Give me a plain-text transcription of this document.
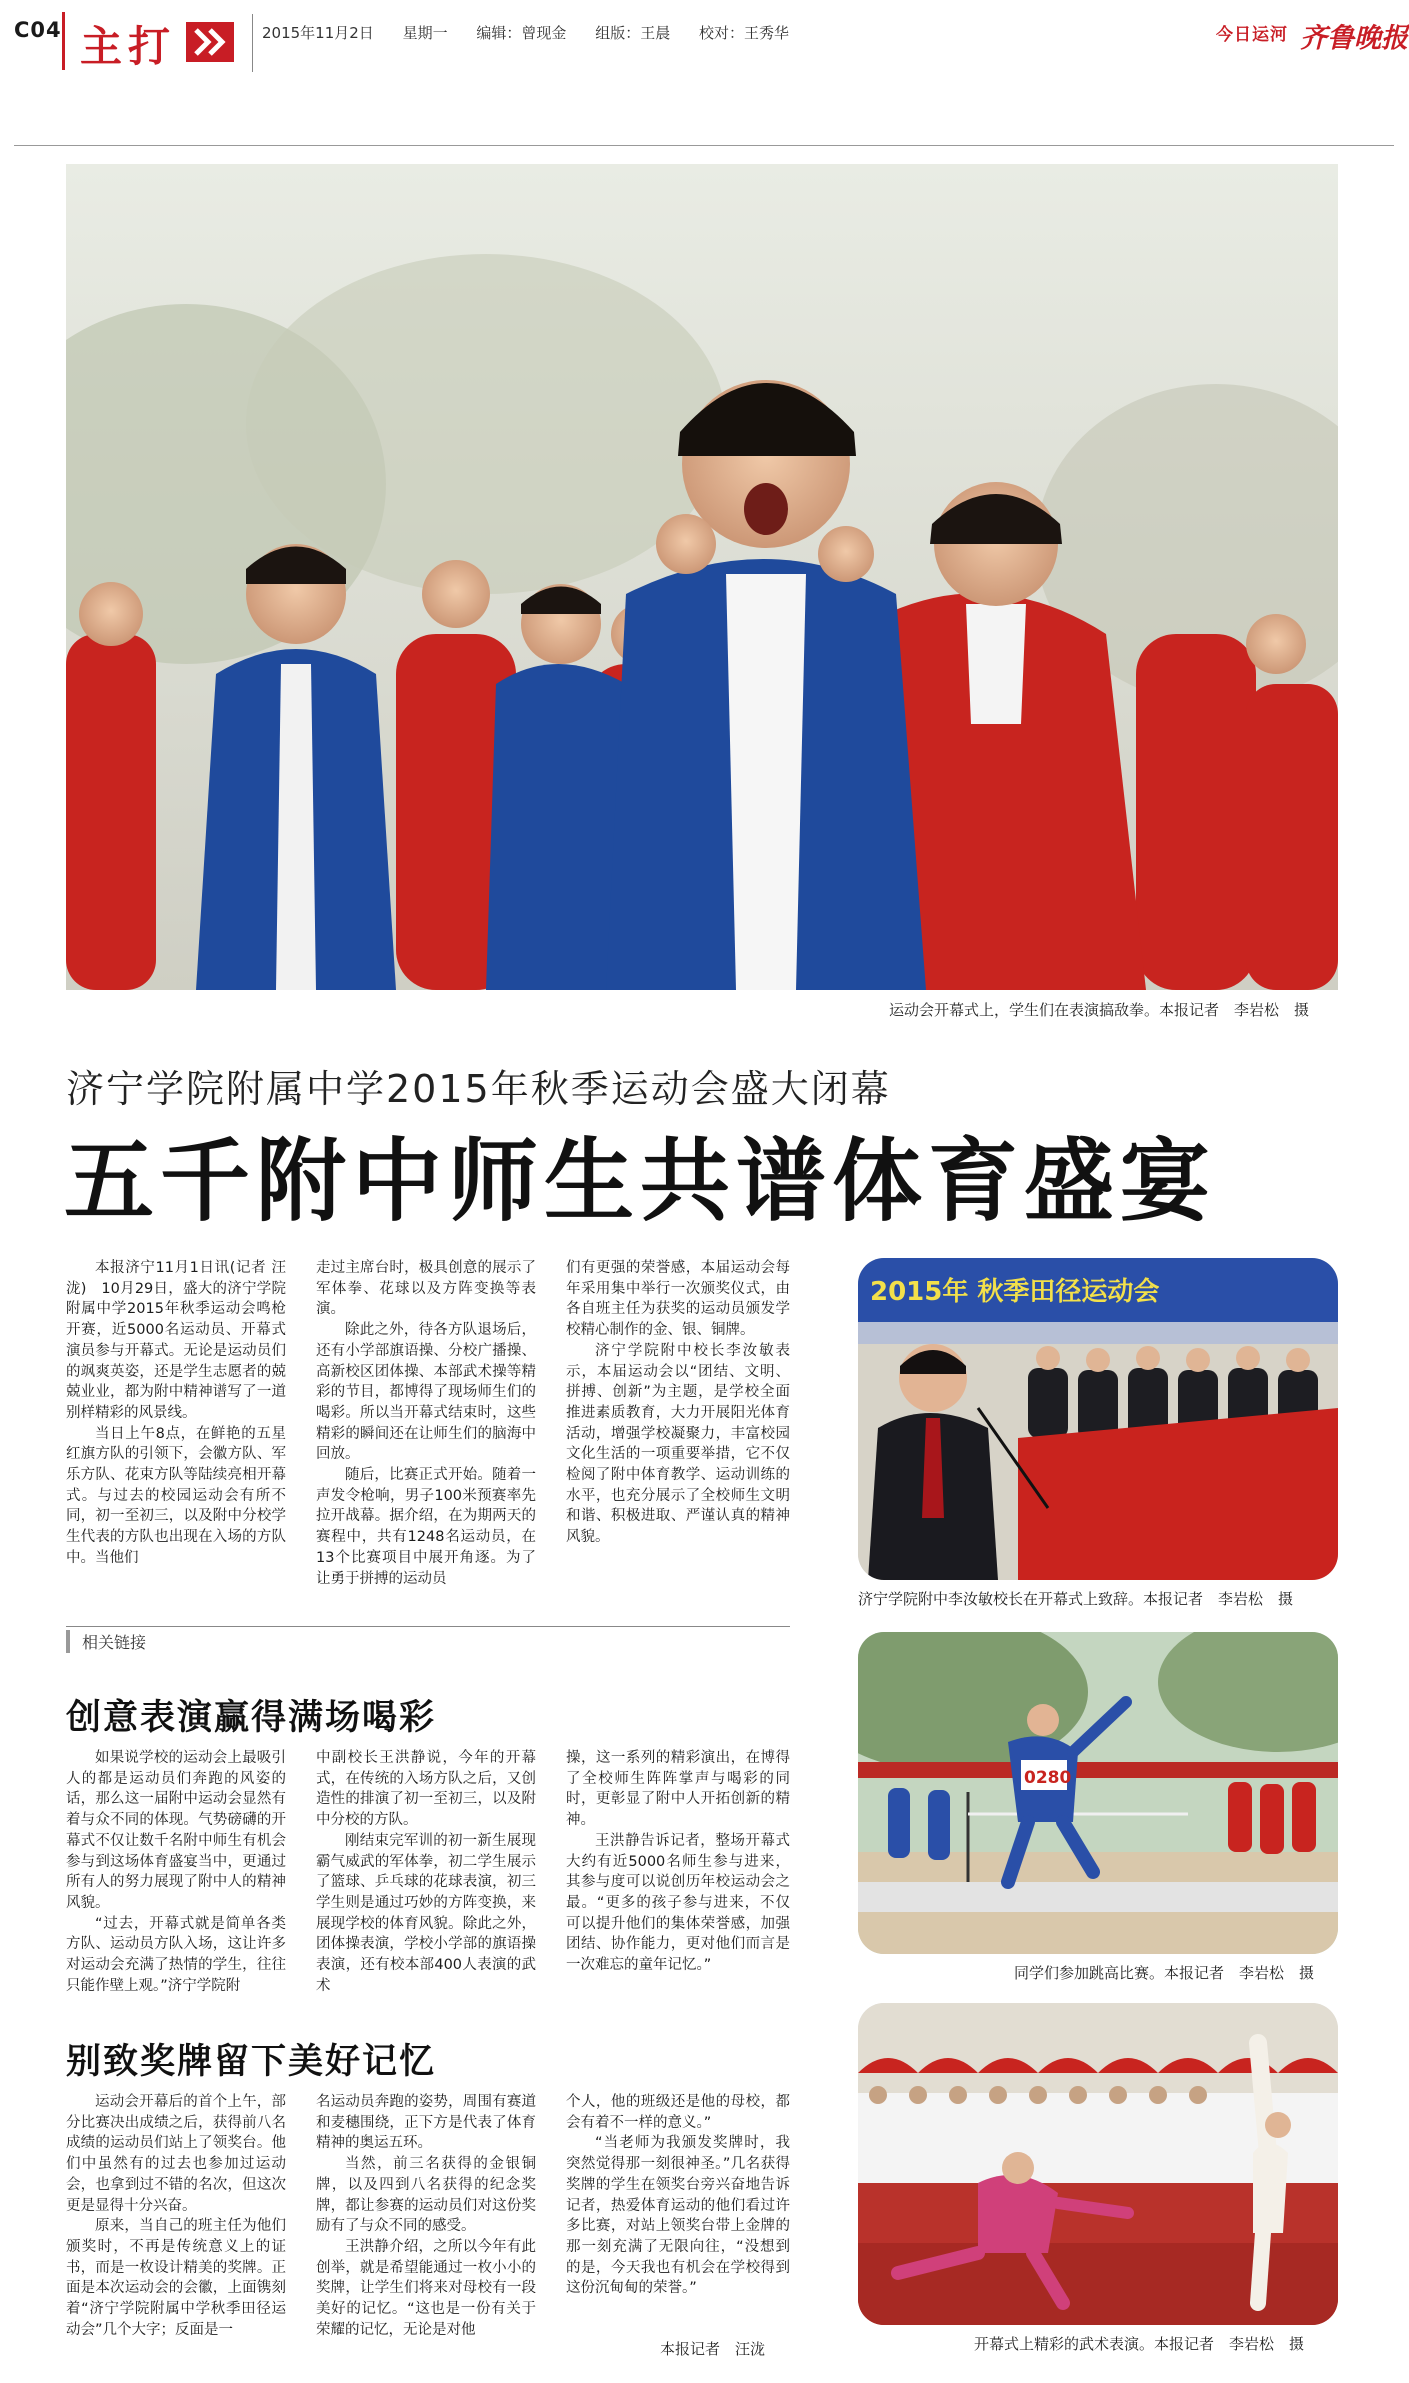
C04 主打	2015年11月2日 星期一 编辑：曾现金 组版：王晨 校对：王秀华	今日运河 齐鲁晚报
运动会开幕式上，学生们在表演搞敌拳。本报记者　李岩松　摄
济宁学院附属中学2015年秋季运动会盛大闭幕
五千附中师生共谱体育盛宴

本报济宁11月1日讯(记者 汪泷)　10月29日，盛大的济宁学院附属中学2015年秋季运动会鸣枪开赛，近5000名运动员、开幕式演员参与开幕式。无论是运动员们的飒爽英姿，还是学生志愿者的兢兢业业，都为附中精神谱写了一道别样精彩的风景线。

当日上午8点，在鲜艳的五星红旗方队的引领下，会徽方队、军乐方队、花束方队等陆续亮相开幕式。与过去的校园运动会有所不同，初一至初三，以及附中分校学生代表的方队也出现在入场的方队中。当他们

走过主席台时，极具创意的展示了军体拳、花球以及方阵变换等表演。

除此之外，待各方队退场后，还有小学部旗语操、分校广播操、高新校区团体操、本部武术操等精彩的节目，都博得了现场师生们的喝彩。所以当开幕式结束时，这些精彩的瞬间还在让师生们的脑海中回放。

随后，比赛正式开始。随着一声发令枪响，男子100米预赛率先拉开战幕。据介绍，在为期两天的赛程中，共有1248名运动员，在13个比赛项目中展开角逐。为了让勇于拼搏的运动员

们有更强的荣誉感，本届运动会每年采用集中举行一次颁奖仪式，由各自班主任为获奖的运动员颁发学校精心制作的金、银、铜牌。

济宁学院附中校长李汝敏表示，本届运动会以“团结、文明、拼搏、创新”为主题，是学校全面推进素质教育，大力开展阳光体育活动，增强学校凝聚力，丰富校园文化生活的一项重要举措，它不仅检阅了附中体育教学、运动训练的水平，也充分展示了全校师生文明和谐、积极进取、严谨认真的精神风貌。

相关链接
创意表演赢得满场喝彩

如果说学校的运动会上最吸引人的都是运动员们奔跑的风姿的话，那么这一届附中运动会显然有着与众不同的体现。气势磅礴的开幕式不仅让数千名附中师生有机会参与到这场体育盛宴当中，更通过所有人的努力展现了附中人的精神风貌。

“过去，开幕式就是简单各类方队、运动员方队入场，这让许多对运动会充满了热情的学生，往往只能作壁上观。”济宁学院附

中副校长王洪静说，今年的开幕式，在传统的入场方队之后，又创造性的排演了初一至初三，以及附中分校的方队。

刚结束完军训的初一新生展现霸气威武的军体拳，初二学生展示了篮球、乒乓球的花球表演，初三学生则是通过巧妙的方阵变换，来展现学校的体育风貌。除此之外，团体操表演，学校小学部的旗语操表演，还有校本部400人表演的武术

操，这一系列的精彩演出，在博得了全校师生阵阵掌声与喝彩的同时，更彰显了附中人开拓创新的精神。

王洪静告诉记者，整场开幕式大约有近5000名师生参与进来，其参与度可以说创历年校运动会之最。“更多的孩子参与进来，不仅可以提升他们的集体荣誉感，加强团结、协作能力，更对他们而言是一次难忘的童年记忆。”

别致奖牌留下美好记忆

运动会开幕后的首个上午，部分比赛决出成绩之后，获得前八名成绩的运动员们站上了领奖台。他们中虽然有的过去也参加过运动会，也拿到过不错的名次，但这次更是显得十分兴奋。

原来，当自己的班主任为他们颁奖时，不再是传统意义上的证书，而是一枚设计精美的奖牌。正面是本次运动会的会徽，上面镌刻着“济宁学院附属中学秋季田径运动会”几个大字；反面是一

名运动员奔跑的姿势，周围有赛道和麦穗围绕，正下方是代表了体育精神的奥运五环。

当然，前三名获得的金银铜牌，以及四到八名获得的纪念奖牌，都让参赛的运动员们对这份奖励有了与众不同的感受。

王洪静介绍，之所以今年有此创举，就是希望能通过一枚小小的奖牌，让学生们将来对母校有一段美好的记忆。“这也是一份有关于荣耀的记忆，无论是对他

个人，他的班级还是他的母校，都会有着不一样的意义。”

“当老师为我颁发奖牌时，我突然觉得那一刻很神圣。”几名获得奖牌的学生在领奖台旁兴奋地告诉记者，热爱体育运动的他们看过许多比赛，对站上领奖台带上金牌的那一刻充满了无限向往，“没想到的是，今天我也有机会在学校得到这份沉甸甸的荣誉。”

本报记者　汪泷
2015年 秋季田径运动会
济宁学院附中李汝敏校长在开幕式上致辞。本报记者　李岩松　摄
0280
同学们参加跳高比赛。本报记者　李岩松　摄
开幕式上精彩的武术表演。本报记者　李岩松　摄
